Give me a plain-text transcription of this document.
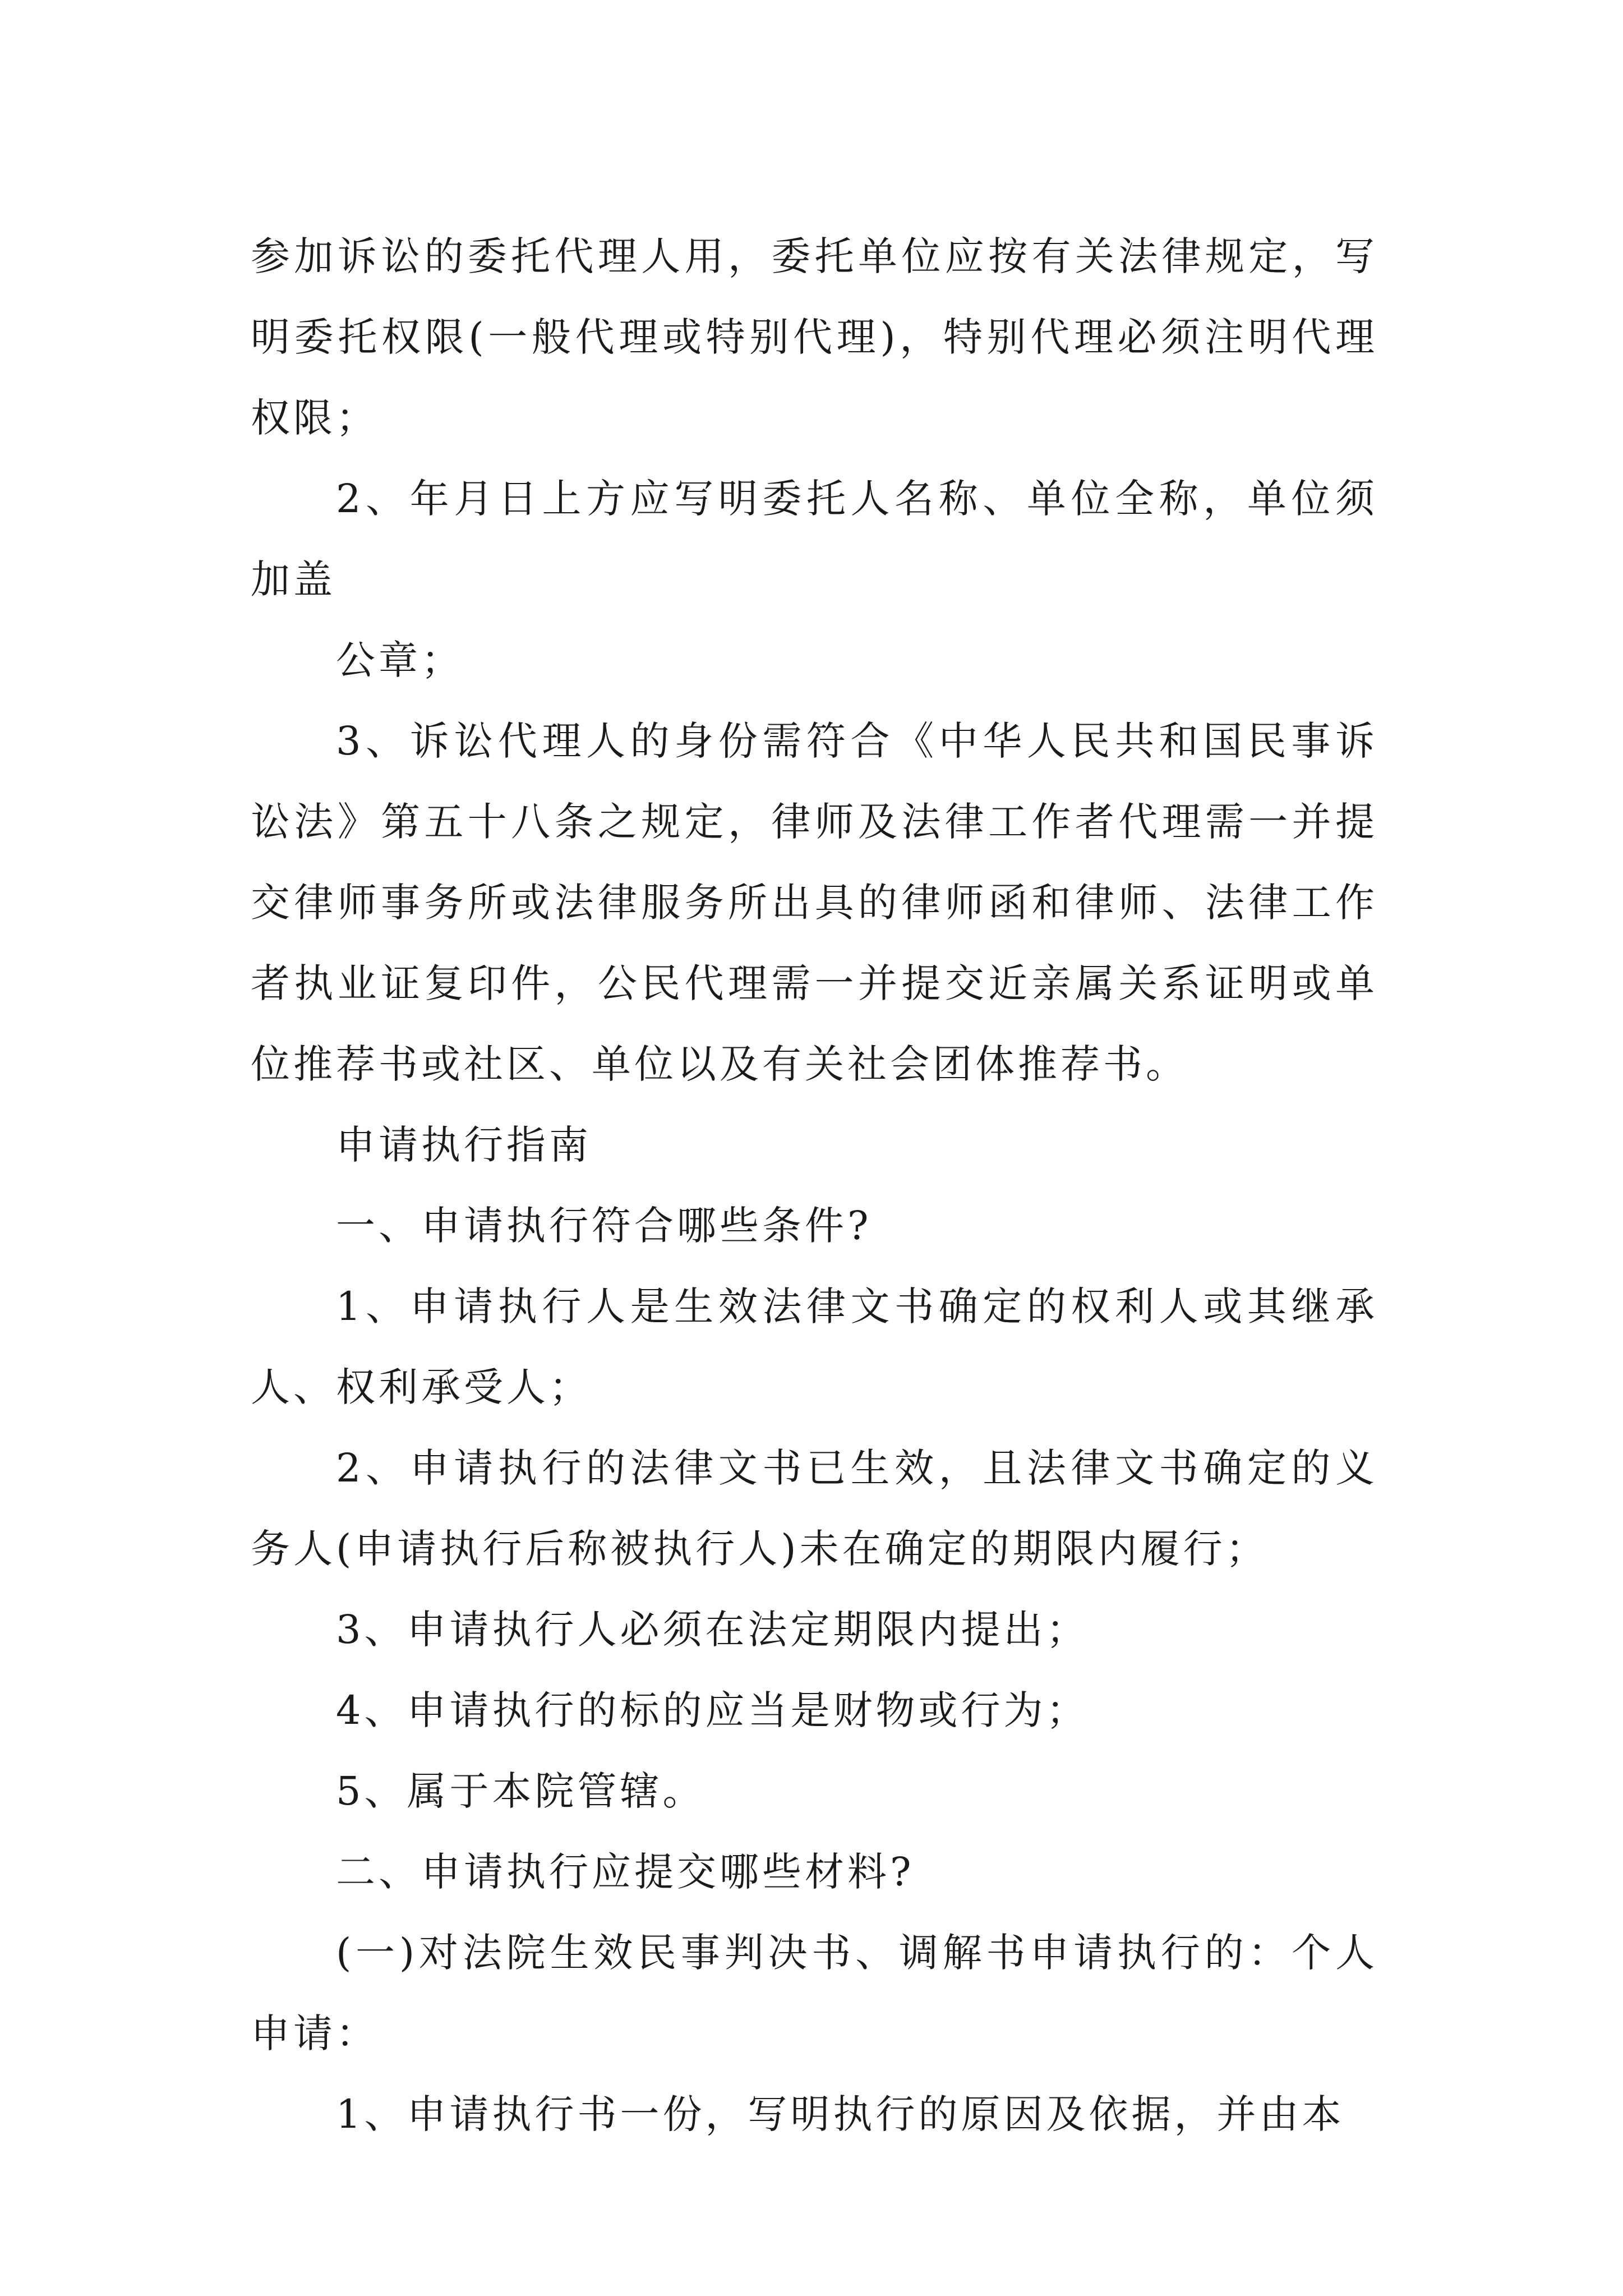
参加诉讼的委托代理人用，委托单位应按有关法律规定，写明委托权限(一般代理或特别代理)，特别代理必须注明代理权限；

2、年月日上方应写明委托人名称、单位全称，单位须加盖

公章；

3、诉讼代理人的身份需符合《中华人民共和国民事诉讼法》第五十八条之规定，律师及法律工作者代理需一并提交律师事务所或法律服务所出具的律师函和律师、法律工作者执业证复印件，公民代理需一并提交近亲属关系证明或单位推荐书或社区、单位以及有关社会团体推荐书。

申请执行指南

一、申请执行符合哪些条件?

1、申请执行人是生效法律文书确定的权利人或其继承人、权利承受人；

2、申请执行的法律文书已生效，且法律文书确定的义务人(申请执行后称被执行人)未在确定的期限内履行；

3、申请执行人必须在法定期限内提出；

4、申请执行的标的应当是财物或行为；

5、属于本院管辖。

二、申请执行应提交哪些材料?

(一)对法院生效民事判决书、调解书申请执行的：个人申请：

1、申请执行书一份，写明执行的原因及依据，并由本
